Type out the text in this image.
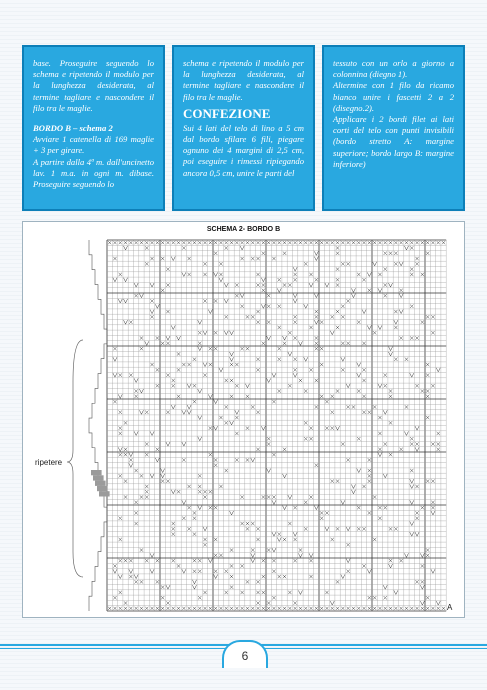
base. Proseguire seguendo lo schema e ripetendo il modulo per la lunghezza desiderata, al termine tagliare e nascondere il filo tra le maglie.

BORDO B – schema 2

Avviare 1 catenella di 169 maglie + 3 per girare.

A partire dalla 4ª m. dall'uncinetto lav. 1 m.a. in ogni m. dibase. Proseguire seguendo lo

schema e ripetendo il modulo per la lunghezza desiderata, al termine tagliare e nascondere il filo tra le maglie.

CONFEZIONE

Sui 4 lati del telo di lino a 5 cm dal bordo sfilare 6 fili, piegare ognuno dei 4 margini di 2,5 cm, poi eseguire i rimessi ripiegando ancora 0,5 cm, unire le parti del

tessuto con un orlo a giorno a colonnina (diegno 1).

Altermine con 1 filo da ricamo bianco unire i fascetti 2 a 2 (disegno.2).

Applicare i 2 bordi filet ai lati corti del telo con punti invisibili (bordo stretto A: margine superiore; bordo largo B: margine inferiore)

SCHEMA 2- BORDO B
ripetere
A
6
